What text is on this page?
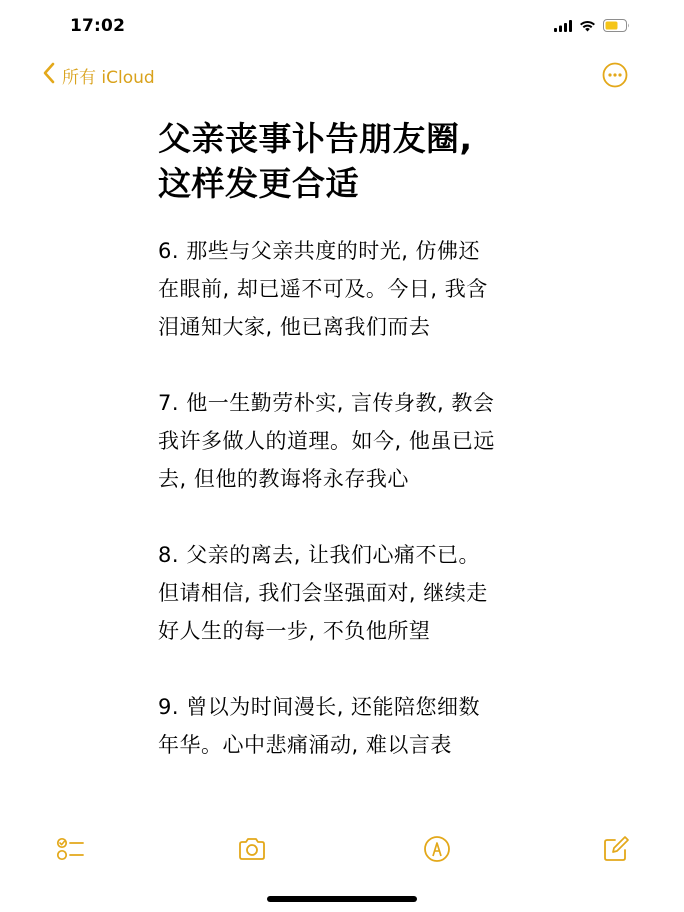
17:02
所有 iCloud
父亲丧事讣告朋友圈,
这样发更合适
6. 那些与父亲共度的时光, 仿佛还
在眼前, 却已遥不可及。今日, 我含
泪通知大家, 他已离我们而去
7. 他一生勤劳朴实, 言传身教, 教会
我许多做人的道理。如今, 他虽已远
去, 但他的教诲将永存我心
8. 父亲的离去, 让我们心痛不已。
但请相信, 我们会坚强面对, 继续走
好人生的每一步, 不负他所望
9. 曾以为时间漫长, 还能陪您细数
年华。心中悲痛涌动, 难以言表
